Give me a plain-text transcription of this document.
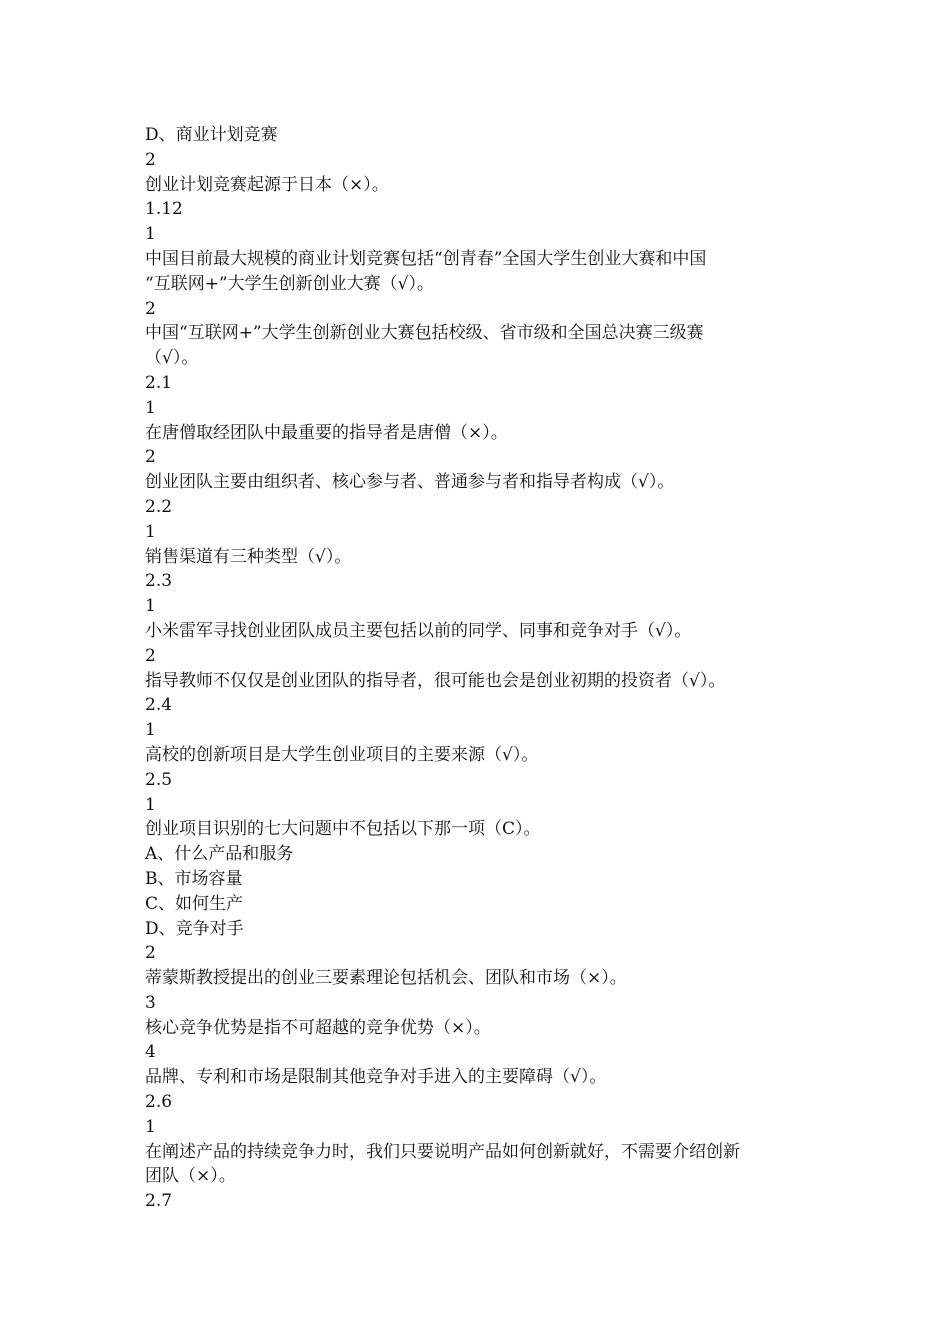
D、商业计划竞赛
2
创业计划竞赛起源于日本（×）。
1.12
1
中国目前最大规模的商业计划竞赛包括“创青春”全国大学生创业大赛和中国
“互联网+”大学生创新创业大赛（√）。
2
中国“互联网+”大学生创新创业大赛包括校级、省市级和全国总决赛三级赛
（√）。
2.1
1
在唐僧取经团队中最重要的指导者是唐僧（×）。
2
创业团队主要由组织者、核心参与者、普通参与者和指导者构成（√）。
2.2
1
销售渠道有三种类型（√）。
2.3
1
小米雷军寻找创业团队成员主要包括以前的同学、同事和竞争对手（√）。
2
指导教师不仅仅是创业团队的指导者，很可能也会是创业初期的投资者（√）。
2.4
1
高校的创新项目是大学生创业项目的主要来源（√）。
2.5
1
创业项目识别的七大问题中不包括以下那一项（C）。
A、什么产品和服务
B、市场容量
C、如何生产
D、竞争对手
2
蒂蒙斯教授提出的创业三要素理论包括机会、团队和市场（×）。
3
核心竞争优势是指不可超越的竞争优势（×）。
4
品牌、专利和市场是限制其他竞争对手进入的主要障碍（√）。
2.6
1
在阐述产品的持续竞争力时，我们只要说明产品如何创新就好，不需要介绍创新
团队（×）。
2.7
